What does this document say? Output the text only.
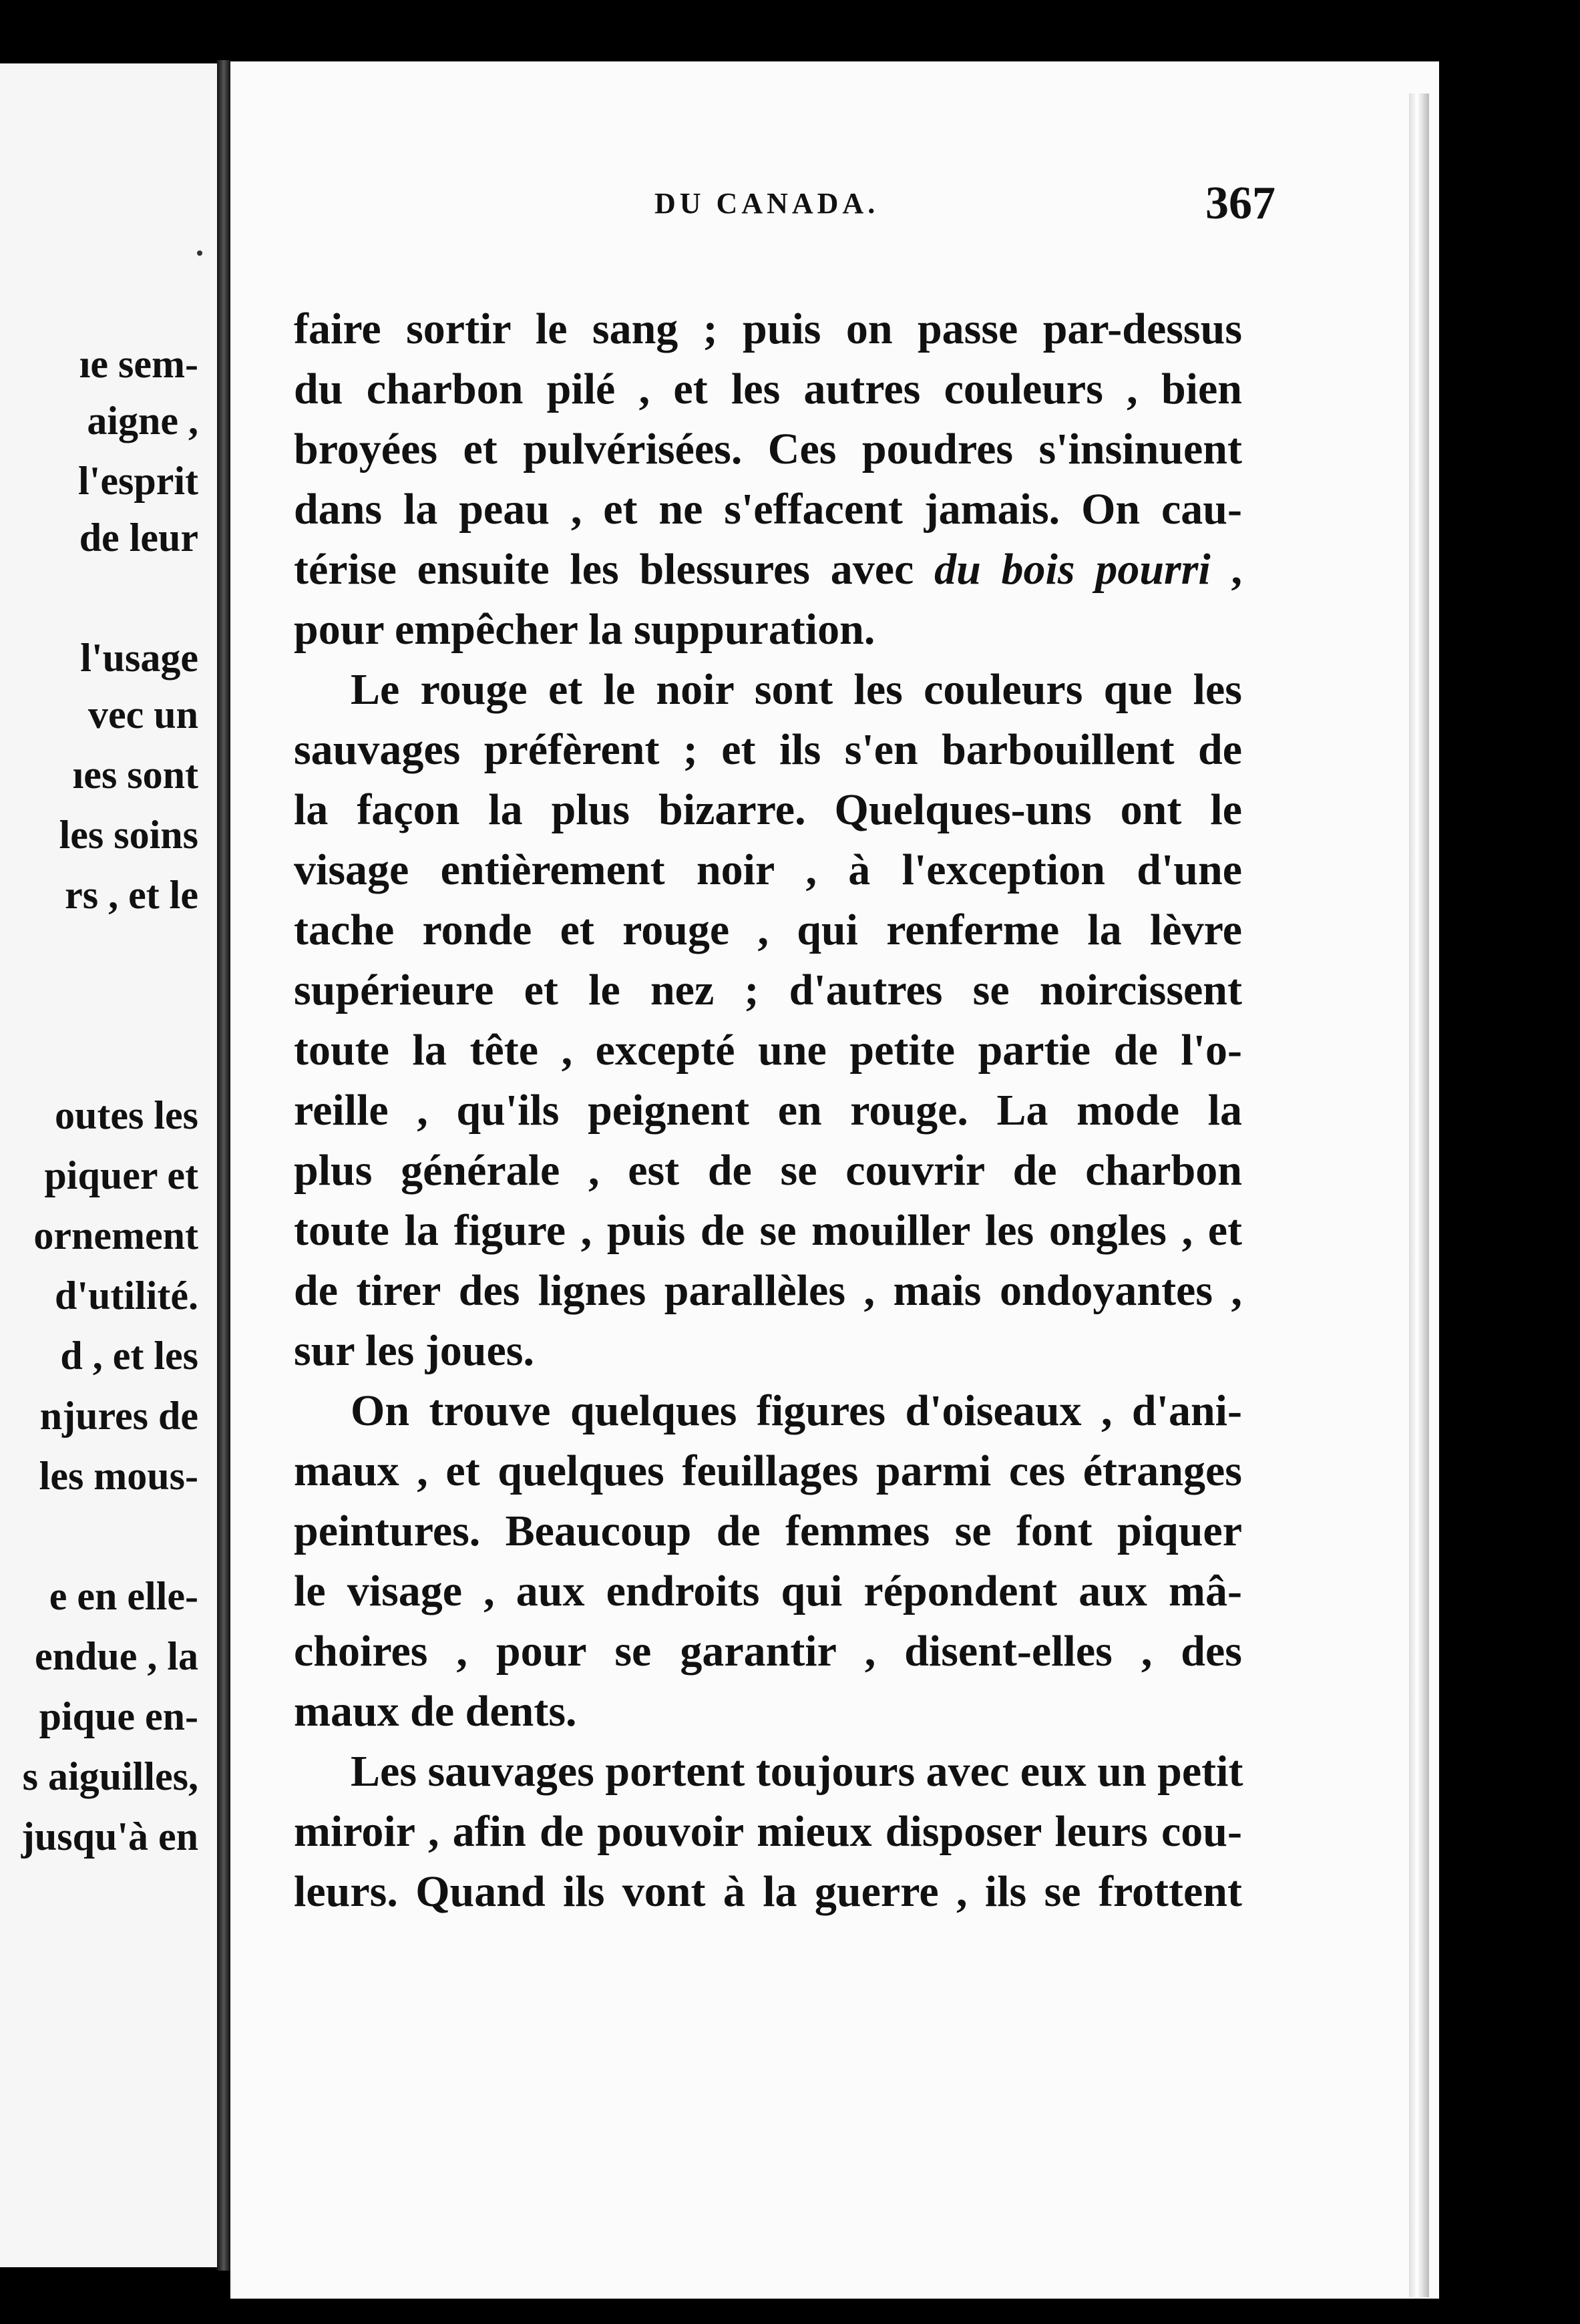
ıe sem-
aigne ,
l'esprit
de leur
l'usage
vec un
ıes sont
les soins
rs , et le
outes les
piquer et
ornement
d'utilité.
d , et les
njures de
les mous-
e en elle-
endue , la
pique en-
s aiguilles,
jusqu'à en
DU CANADA.	367
faire sortir le sang ; puis on passe par-dessus
du charbon pilé , et les autres couleurs , bien
broyées et pulvérisées. Ces poudres s'insinuent
dans la peau , et ne s'effacent jamais. On cau-
térise ensuite les blessures avec du bois pourri ,
pour empêcher la suppuration.
Le rouge et le noir sont les couleurs que les
sauvages préfèrent ; et ils s'en barbouillent de
la façon la plus bizarre. Quelques-uns ont le
visage entièrement noir , à l'exception d'une
tache ronde et rouge , qui renferme la lèvre
supérieure et le nez ; d'autres se noircissent
toute la tête , excepté une petite partie de l'o-
reille , qu'ils peignent en rouge. La mode la
plus générale , est de se couvrir de charbon
toute la figure , puis de se mouiller les ongles , et
de tirer des lignes parallèles , mais ondoyantes ,
sur les joues.
On trouve quelques figures d'oiseaux , d'ani-
maux , et quelques feuillages parmi ces étranges
peintures. Beaucoup de femmes se font piquer
le visage , aux endroits qui répondent aux mâ-
choires , pour se garantir , disent-elles , des
maux de dents.
Les sauvages portent toujours avec eux un petit
miroir , afin de pouvoir mieux disposer leurs cou-
leurs. Quand ils vont à la guerre , ils se frottent
